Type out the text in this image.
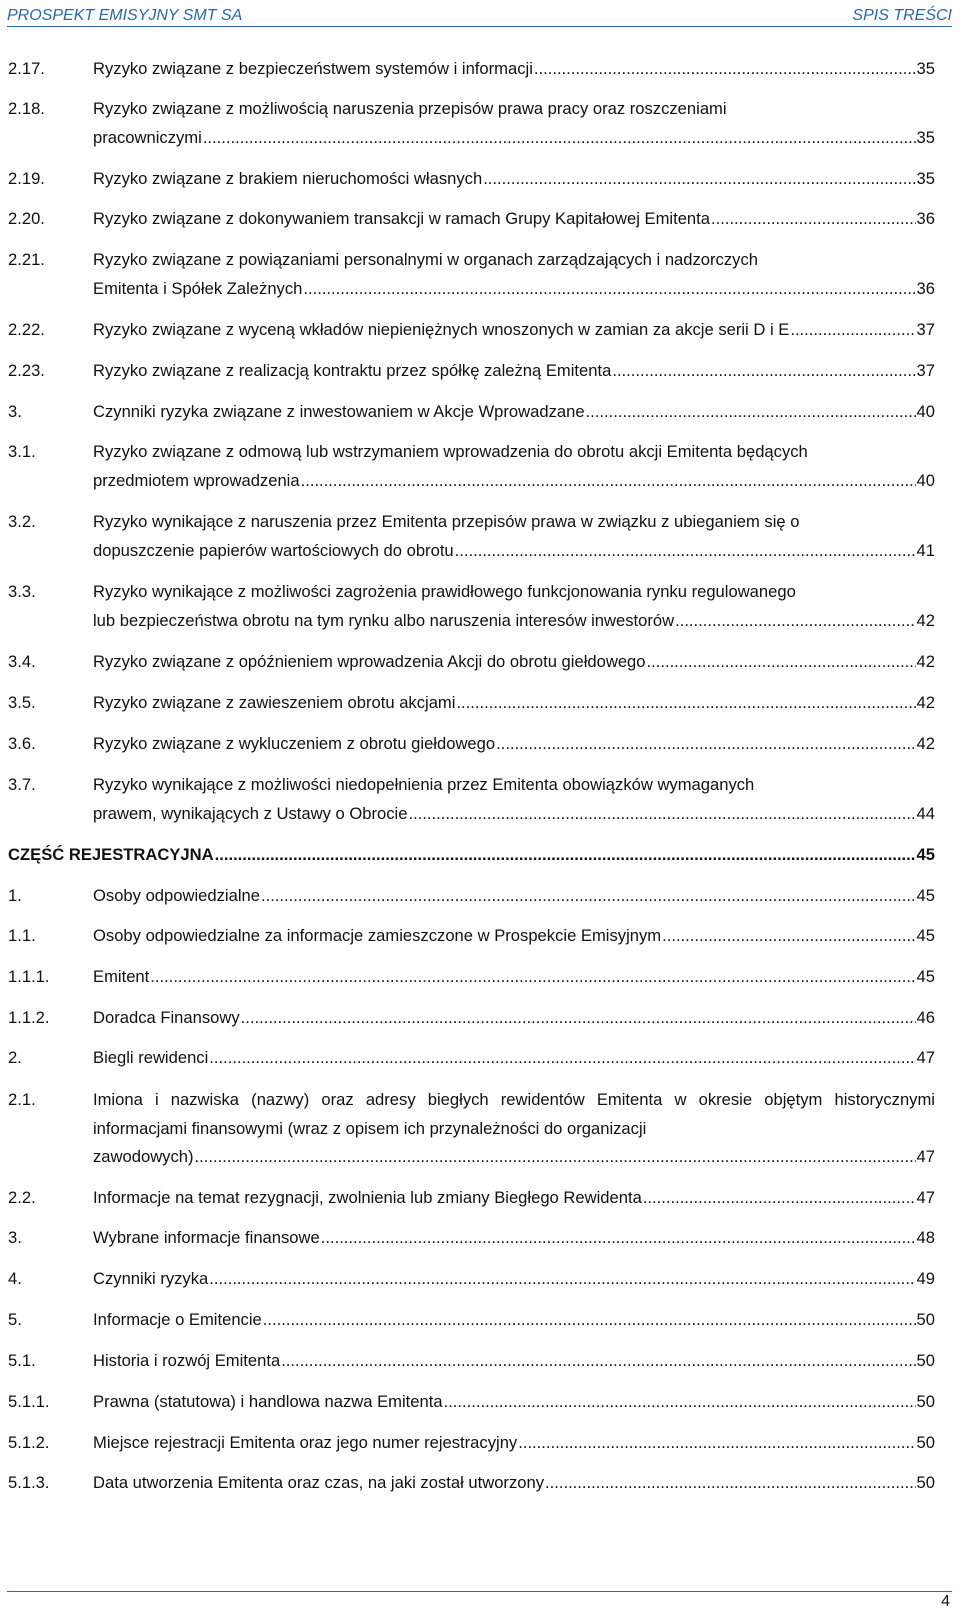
PROSPEKT EMISYJNY SMT SA	SPIS TREŚCI
2.17.	Ryzyko związane z bezpieczeństwem systemów i informacji .....	35
2.18.	Ryzyko związane z możliwością naruszenia przepisów prawa pracy oraz roszczeniami
pracowniczymi .....	35
2.19.	Ryzyko związane z brakiem nieruchomości własnych .....	35
2.20.	Ryzyko związane z dokonywaniem transakcji w ramach Grupy Kapitałowej Emitenta .....	36
2.21.	Ryzyko związane z powiązaniami personalnymi w organach zarządzających i nadzorczych
Emitenta i Spółek Zależnych .....	36
2.22.	Ryzyko związane z wyceną wkładów niepieniężnych wnoszonych w zamian za akcje serii D i E .....	37
2.23.	Ryzyko związane z realizacją kontraktu przez spółkę zależną Emitenta .....	37
3.	Czynniki ryzyka związane z inwestowaniem w Akcje Wprowadzane .....	40
3.1.	Ryzyko związane z odmową lub wstrzymaniem wprowadzenia do obrotu akcji Emitenta będących
przedmiotem wprowadzenia .....	40
3.2.	Ryzyko wynikające z naruszenia przez Emitenta przepisów prawa w związku z ubieganiem się o
dopuszczenie papierów wartościowych do obrotu .....	41
3.3.	Ryzyko wynikające z możliwości zagrożenia prawidłowego funkcjonowania rynku regulowanego
lub bezpieczeństwa obrotu na tym rynku albo naruszenia interesów inwestorów .....	42
3.4.	Ryzyko związane z opóźnieniem wprowadzenia Akcji do obrotu giełdowego .....	42
3.5.	Ryzyko związane z zawieszeniem obrotu akcjami .....	42
3.6.	Ryzyko związane z wykluczeniem z obrotu giełdowego .....	42
3.7.	Ryzyko wynikające z możliwości niedopełnienia przez Emitenta obowiązków wymaganych
prawem, wynikających z Ustawy o Obrocie .....	44
CZĘŚĆ REJESTRACYJNA .....	45
1.	Osoby odpowiedzialne .....	45
1.1.	Osoby odpowiedzialne za informacje zamieszczone w Prospekcie Emisyjnym .....	45
1.1.1.	Emitent .....	45
1.1.2.	Doradca Finansowy .....	46
2.	Biegli rewidenci .....	47
2.1.	Imiona i nazwiska (nazwy) oraz adresy biegłych rewidentów Emitenta w okresie objętym historycznymi informacjami finansowymi (wraz z opisem ich przynależności do organizacji
zawodowych) .....	47
2.2.	Informacje na temat rezygnacji, zwolnienia lub zmiany Biegłego Rewidenta .....	47
3.	Wybrane informacje finansowe .....	48
4.	Czynniki ryzyka .....	49
5.	Informacje o Emitencie .....	50
5.1.	Historia i rozwój Emitenta .....	50
5.1.1.	Prawna (statutowa) i handlowa nazwa Emitenta .....	50
5.1.2.	Miejsce rejestracji Emitenta oraz jego numer rejestracyjny .....	50
5.1.3.	Data utworzenia Emitenta oraz czas, na jaki został utworzony .....	50
4
